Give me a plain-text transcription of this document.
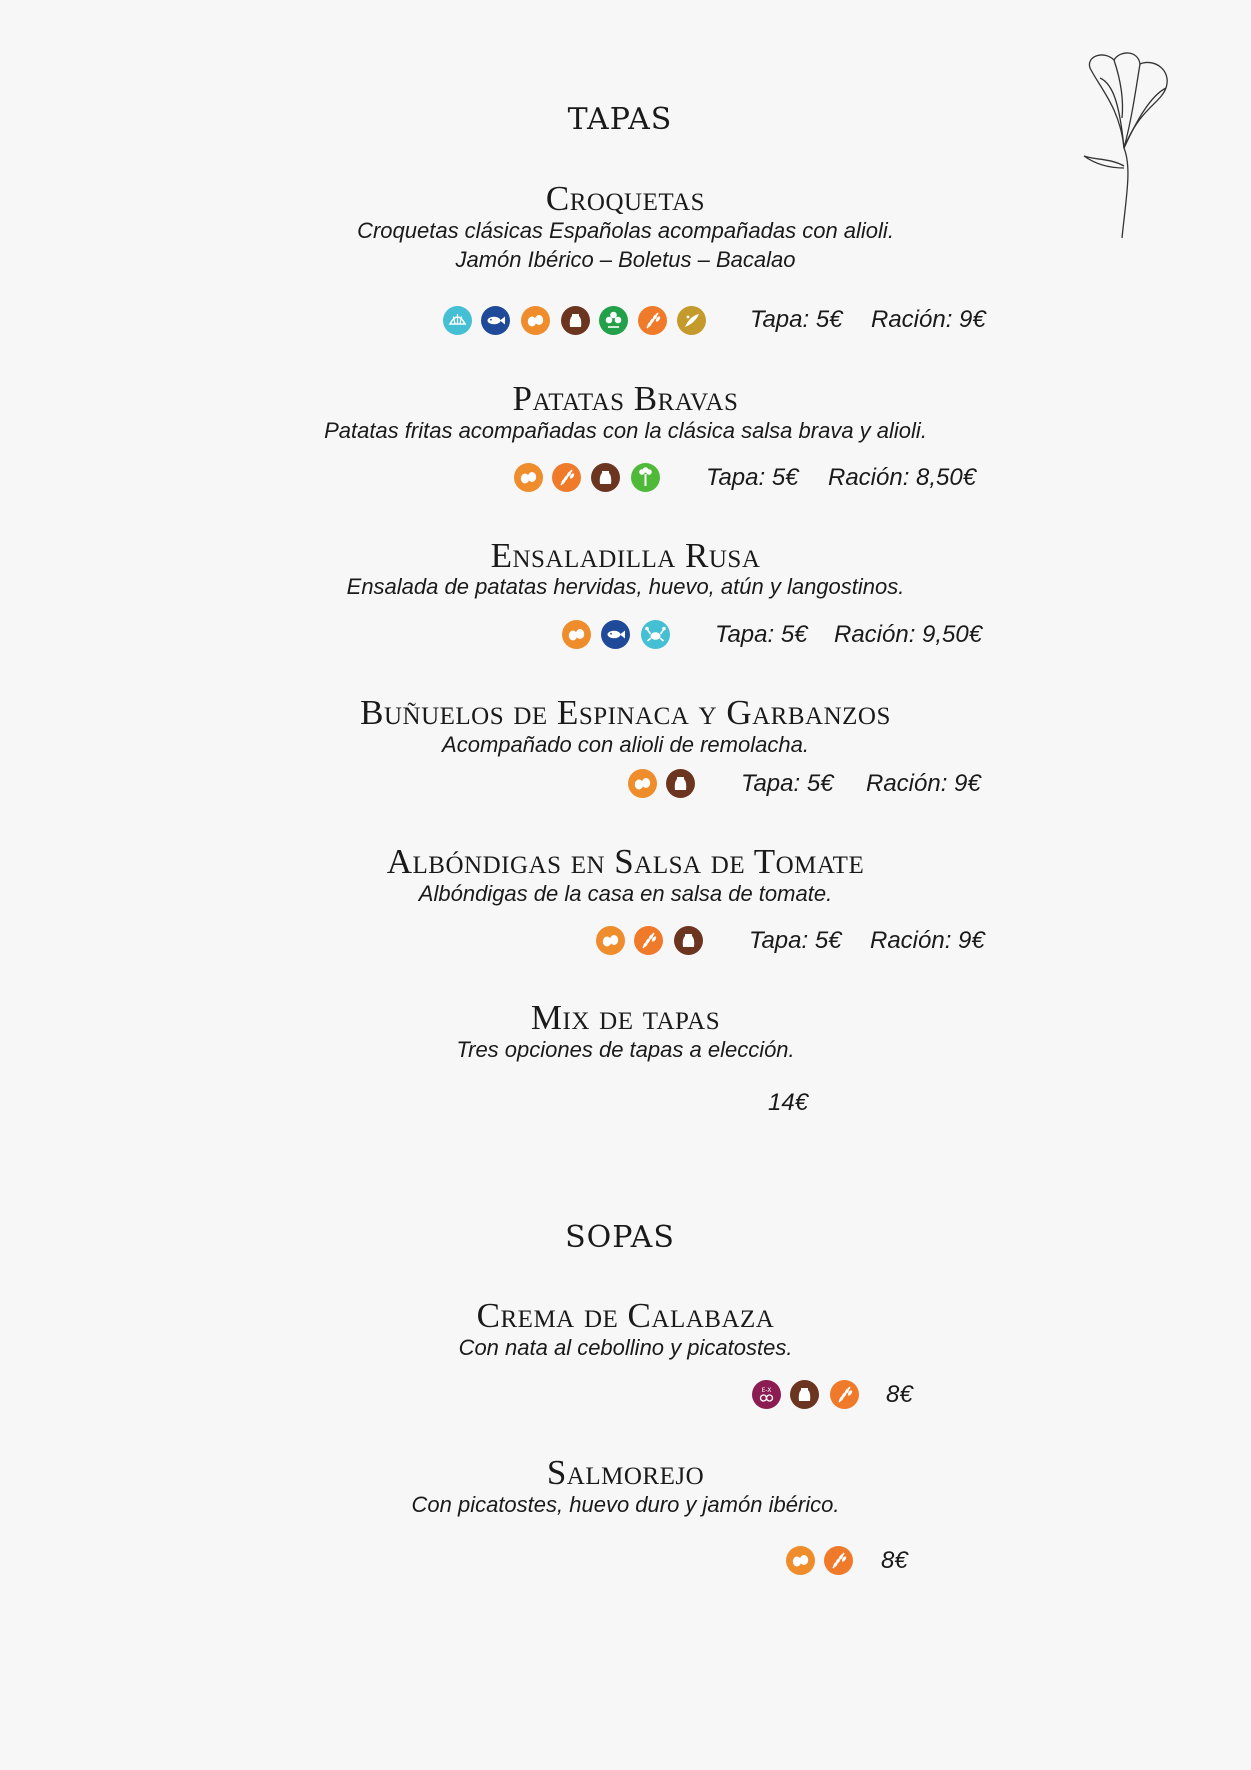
TAPAS
Croquetas
Croquetas clásicas Españolas acompañadas con alioli.
Jamón Ibérico – Boletus – Bacalao
Tapa: 5€ Ración: 9€
Patatas Bravas
Patatas fritas acompañadas con la clásica salsa brava y alioli.
Tapa: 5€ Ración: 8,50€
Ensaladilla Rusa
Ensalada de patatas hervidas, huevo, atún y langostinos.
Tapa: 5€ Ración: 9,50€
Buñuelos de Espinaca y Garbanzos
Acompañado con alioli de remolacha.
Tapa: 5€ Ración: 9€
Albóndigas en Salsa de Tomate
Albóndigas de la casa en salsa de tomate.
Tapa: 5€ Ración: 9€
Mix de tapas
Tres opciones de tapas a elección.
14€
SOPAS
Crema de Calabaza
Con nata al cebollino y picatostes.
E-X	8€
Salmorejo
Con picatostes, huevo duro y jamón ibérico.
8€
